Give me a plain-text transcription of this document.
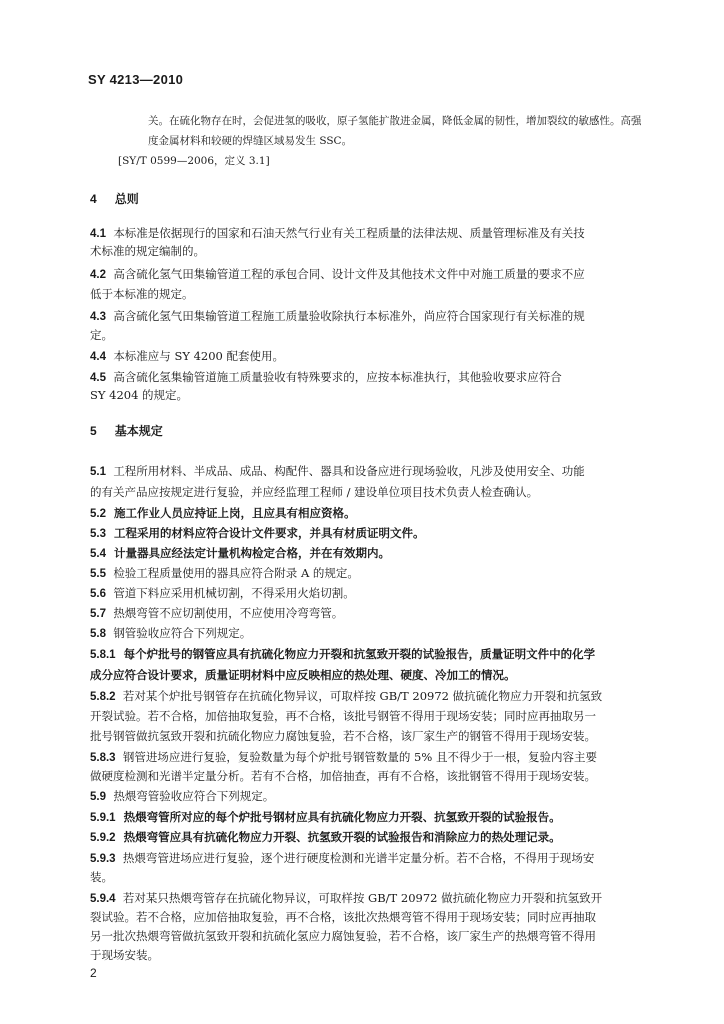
SY 4213—2010
关。在硫化物存在时，会促进氢的吸收，原子氢能扩散进金属，降低金属的韧性，增加裂纹的敏感性。高强
度金属材料和较硬的焊缝区域易发生 SSC。
[SY/T 0599—2006，定义 3.1]
4 总则
4.1 本标准是依据现行的国家和石油天然气行业有关工程质量的法律法规、质量管理标准及有关技
术标准的规定编制的。
4.2 高含硫化氢气田集输管道工程的承包合同、设计文件及其他技术文件中对施工质量的要求不应
低于本标准的规定。
4.3 高含硫化氢气田集输管道工程施工质量验收除执行本标准外，尚应符合国家现行有关标准的规
定。
4.4 本标准应与 SY 4200 配套使用。
4.5 高含硫化氢集输管道施工质量验收有特殊要求的，应按本标准执行，其他验收要求应符合
SY 4204 的规定。
5 基本规定
5.1 工程所用材料、半成品、成品、构配件、器具和设备应进行现场验收，凡涉及使用安全、功能
的有关产品应按规定进行复验，并应经监理工程师 / 建设单位项目技术负责人检查确认。
5.2 施工作业人员应持证上岗，且应具有相应资格。
5.3 工程采用的材料应符合设计文件要求，并具有材质证明文件。
5.4 计量器具应经法定计量机构检定合格，并在有效期内。
5.5 检验工程质量使用的器具应符合附录 A 的规定。
5.6 管道下料应采用机械切割，不得采用火焰切割。
5.7 热煨弯管不应切割使用，不应使用冷弯弯管。
5.8 钢管验收应符合下列规定。
5.8.1 每个炉批号的钢管应具有抗硫化物应力开裂和抗氢致开裂的试验报告，质量证明文件中的化学
成分应符合设计要求，质量证明材料中应反映相应的热处理、硬度、冷加工的情况。
5.8.2 若对某个炉批号钢管存在抗硫化物异议，可取样按 GB/T 20972 做抗硫化物应力开裂和抗氢致
开裂试验。若不合格，加倍抽取复验，再不合格，该批号钢管不得用于现场安装；同时应再抽取另一
批号钢管做抗氢致开裂和抗硫化物应力腐蚀复验，若不合格，该厂家生产的钢管不得用于现场安装。
5.8.3 钢管进场应进行复验，复验数量为每个炉批号钢管数量的 5% 且不得少于一根，复验内容主要
做硬度检测和光谱半定量分析。若有不合格，加倍抽查，再有不合格，该批钢管不得用于现场安装。
5.9 热煨弯管验收应符合下列规定。
5.9.1 热煨弯管所对应的每个炉批号钢材应具有抗硫化物应力开裂、抗氢致开裂的试验报告。
5.9.2 热煨弯管应具有抗硫化物应力开裂、抗氢致开裂的试验报告和消除应力的热处理记录。
5.9.3 热煨弯管进场应进行复验，逐个进行硬度检测和光谱半定量分析。若不合格，不得用于现场安
装。
5.9.4 若对某只热煨弯管存在抗硫化物异议，可取样按 GB/T 20972 做抗硫化物应力开裂和抗氢致开
裂试验。若不合格，应加倍抽取复验，再不合格，该批次热煨弯管不得用于现场安装；同时应再抽取
另一批次热煨弯管做抗氢致开裂和抗硫化氢应力腐蚀复验，若不合格，该厂家生产的热煨弯管不得用
于现场安装。
2
